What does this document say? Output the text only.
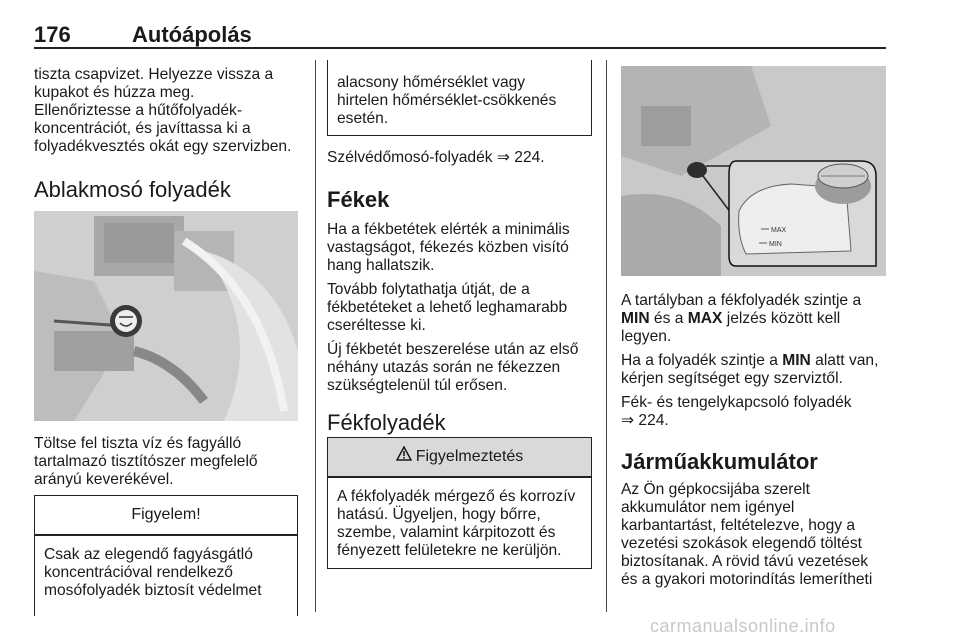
176	Autóápolás
tiszta csapvizet. Helyezze vissza a
kupakot és húzza meg.
Ellenőriztesse a hűtőfolyadék-
koncentrációt, és javíttassa ki a
folyadékvesztés okát egy szervizben.
Ablakmosó folyadék
Töltse fel tiszta víz és fagyálló
tartalmazó tisztítószer megfelelő
arányú keverékével.
Figyelem!
Csak az elegendő fagyásgátló
koncentrációval rendelkező
mosófolyadék biztosít védelmet
alacsony hőmérséklet vagy
hirtelen hőmérséklet-csökkenés
esetén.
Szélvédőmosó-folyadék ⇒ 224.
Fékek
Ha a fékbetétek elérték a minimális
vastagságot, fékezés közben visító
hang hallatszik.
Tovább folytathatja útját, de a
fékbetéteket a lehető leghamarabb
cseréltesse ki.
Új fékbetét beszerelése után az első
néhány utazás során ne fékezzen
szükségtelenül túl erősen.
Fékfolyadék
Figyelmeztetés
A fékfolyadék mérgező és korrozív
hatású. Ügyeljen, hogy bőrre,
szembe, valamint kárpitozott és
fényezett felületekre ne kerüljön.
MAX
MIN
A tartályban a fékfolyadék szintje a
MIN és a MAX jelzés között kell
legyen.
Ha a folyadék szintje a MIN alatt van,
kérjen segítséget egy szerviztől.
Fék- és tengelykapcsoló folyadék
⇒ 224.
Járműakkumulátor
Az Ön gépkocsijába szerelt
akkumulátor nem igényel
karbantartást, feltételezve, hogy a
vezetési szokások elegendő töltést
biztosítanak. A rövid távú vezetések
és a gyakori motorindítás lemerítheti
carmanualsonline.info
